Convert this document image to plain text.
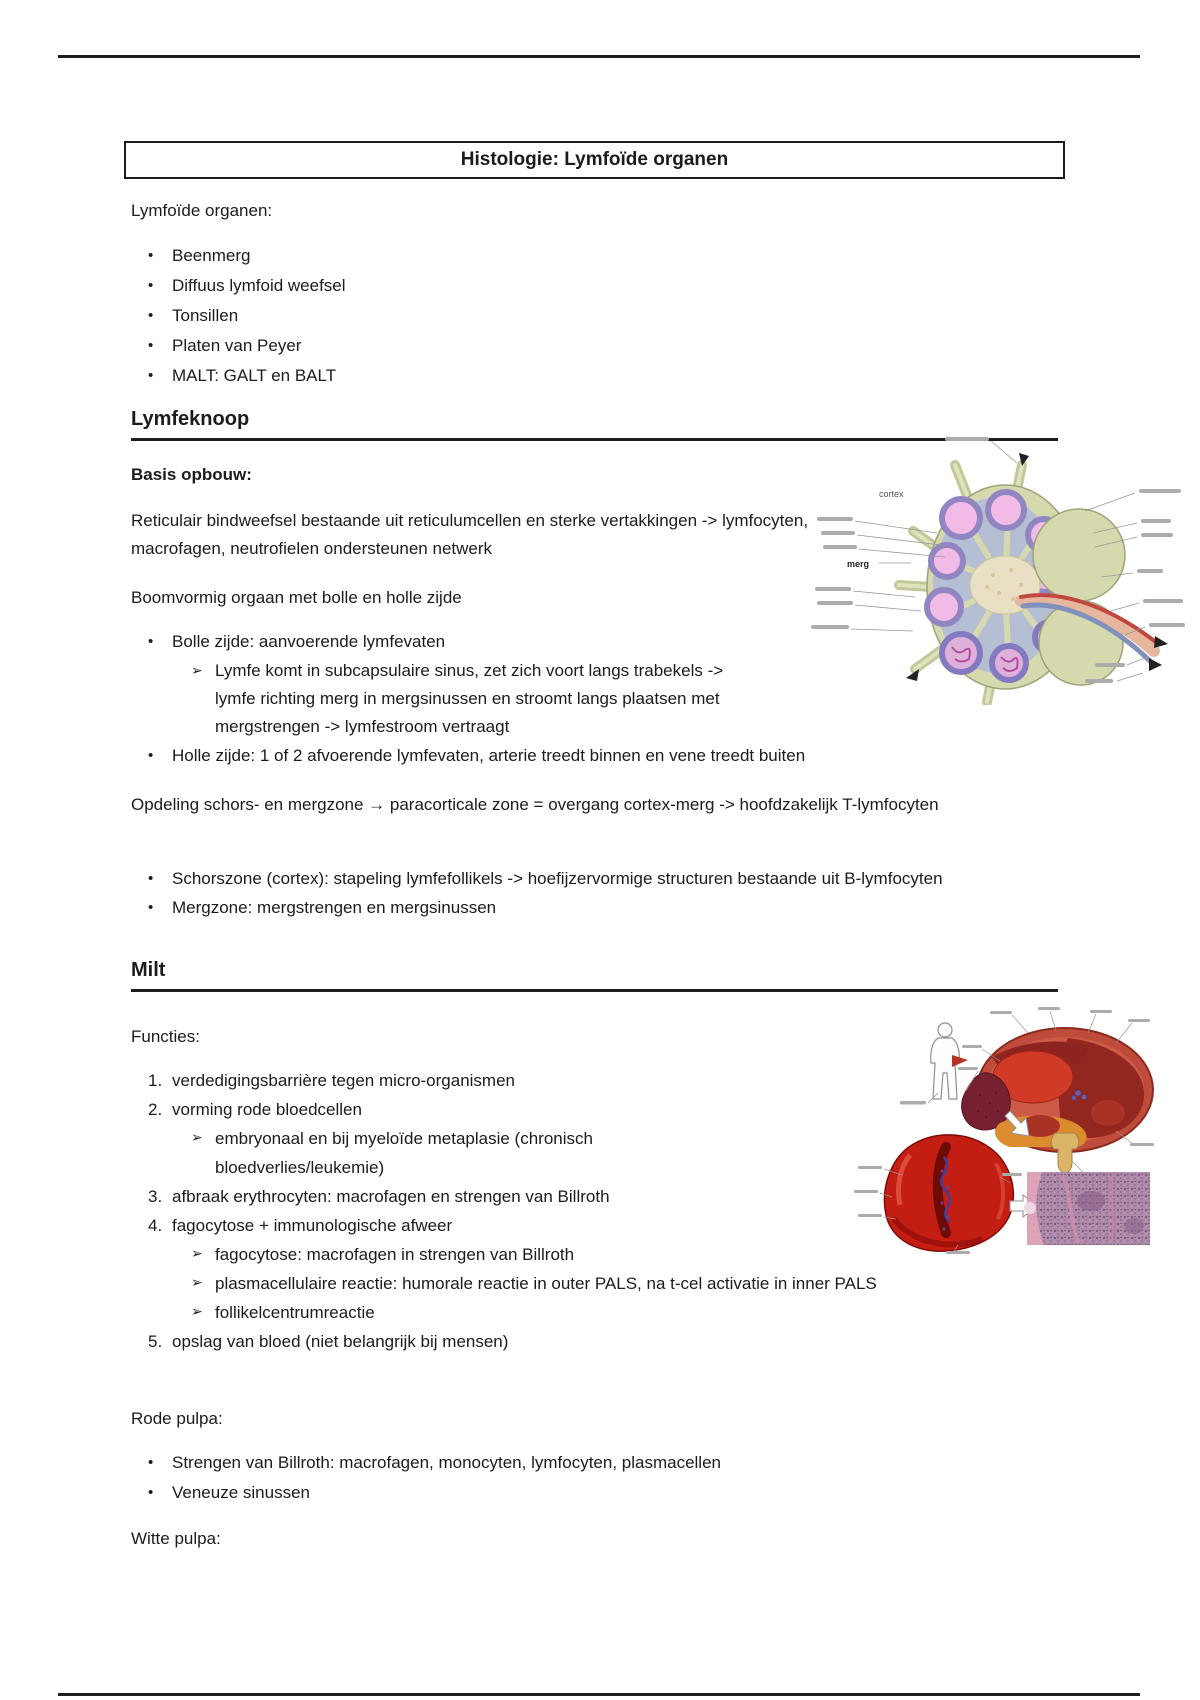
Histologie: Lymfoïde organen
Lymfoïde organen:
•	Beenmerg
•	Diffuus lymfoid weefsel
•	Tonsillen
•	Platen van Peyer
•	MALT: GALT en BALT
Lymfeknoop
Basis opbouw:
Reticulair bindweefsel bestaande uit reticulumcellen en sterke vertakkingen -> lymfocyten, macrofagen, neutrofielen ondersteunen netwerk
Boomvormig orgaan met bolle en holle zijde
•	Bolle zijde: aanvoerende lymfevaten
➢ Lymfe komt in subcapsulaire sinus, zet zich voort langs trabekels -> lymfe richting merg in mergsinussen en stroomt langs plaatsen met mergstrengen -> lymfestroom vertraagt
•	Holle zijde: 1 of 2 afvoerende lymfevaten, arterie treedt binnen en vene treedt buiten
Opdeling schors- en mergzone → paracorticale zone = overgang cortex-merg -> hoofdzakelijk T-lymfocyten
•	Schorszone (cortex): stapeling lymfefollikels -> hoefijzervormige structuren bestaande uit B-lymfocyten
•	Mergzone: mergstrengen en mergsinussen
Milt
Functies:
1. verdedigingsbarrière tegen micro-organismen
2. vorming rode bloedcellen
➢ embryonaal en bij myeloïde metaplasie (chronisch bloedverlies/leukemie)
3. afbraak erythrocyten: macrofagen en strengen van Billroth
4. fagocytose + immunologische afweer
➢ fagocytose: macrofagen in strengen van Billroth
➢ plasmacellulaire reactie: humorale reactie in outer PALS, na t-cel activatie in inner PALS
➢ follikelcentrumreactie
5. opslag van bloed (niet belangrijk bij mensen)
Rode pulpa:
•	Strengen van Billroth: macrofagen, monocyten, lymfocyten, plasmacellen
•	Veneuze sinussen
Witte pulpa:
cortex
merg
